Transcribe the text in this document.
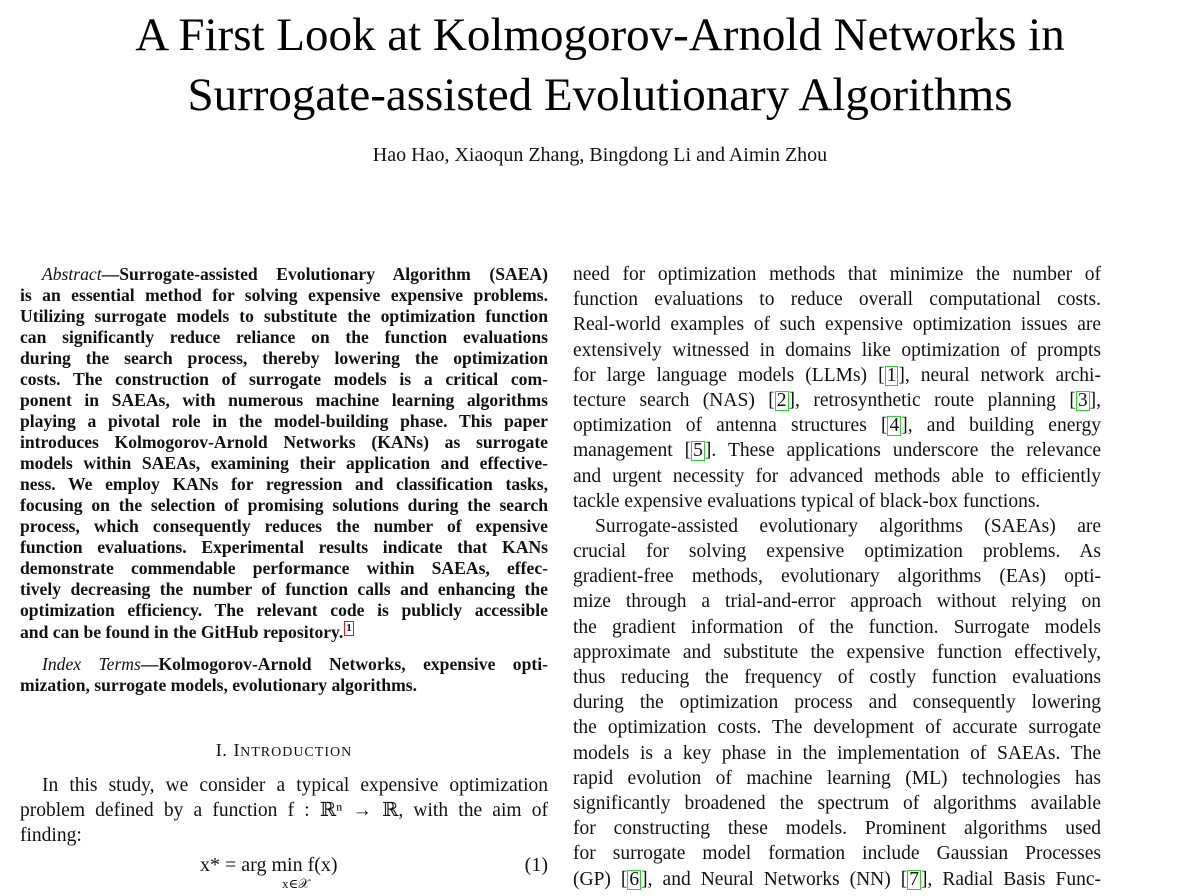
A First Look at Kolmogorov-Arnold Networks in
Surrogate-assisted Evolutionary Algorithms
Hao Hao, Xiaoqun Zhang, Bingdong Li and Aimin Zhou
Abstract—Surrogate-assisted Evolutionary Algorithm (SAEA)
is an essential method for solving expensive expensive problems.
Utilizing surrogate models to substitute the optimization function
can significantly reduce reliance on the function evaluations
during the search process, thereby lowering the optimization
costs. The construction of surrogate models is a critical com-
ponent in SAEAs, with numerous machine learning algorithms
playing a pivotal role in the model-building phase. This paper
introduces Kolmogorov-Arnold Networks (KANs) as surrogate
models within SAEAs, examining their application and effective-
ness. We employ KANs for regression and classification tasks,
focusing on the selection of promising solutions during the search
process, which consequently reduces the number of expensive
function evaluations. Experimental results indicate that KANs
demonstrate commendable performance within SAEAs, effec-
tively decreasing the number of function calls and enhancing the
optimization efficiency. The relevant code is publicly accessible
and can be found in the GitHub repository. 1
Index Terms—Kolmogorov-Arnold Networks, expensive opti-
mization, surrogate models, evolutionary algorithms.
I. INTRODUCTION
In this study, we consider a typical expensive optimization
problem defined by a function f : ℝⁿ → ℝ, with the aim of
finding:
x* = arg min f(x)
x∈𝒳
(1)
need for optimization methods that minimize the number of
function evaluations to reduce overall computational costs.
Real-world examples of such expensive optimization issues are
extensively witnessed in domains like optimization of prompts
for large language models (LLMs) [ 1 ], neural network archi-
tecture search (NAS) [ 2 ], retrosynthetic route planning [ 3 ],
optimization of antenna structures [ 4 ], and building energy
management [ 5 ]. These applications underscore the relevance
and urgent necessity for advanced methods able to efficiently
tackle expensive evaluations typical of black-box functions.
Surrogate-assisted evolutionary algorithms (SAEAs) are
crucial for solving expensive optimization problems. As
gradient-free methods, evolutionary algorithms (EAs) opti-
mize through a trial-and-error approach without relying on
the gradient information of the function. Surrogate models
approximate and substitute the expensive function effectively,
thus reducing the frequency of costly function evaluations
during the optimization process and consequently lowering
the optimization costs. The development of accurate surrogate
models is a key phase in the implementation of SAEAs. The
rapid evolution of machine learning (ML) technologies has
significantly broadened the spectrum of algorithms available
for constructing these models. Prominent algorithms used
for surrogate model formation include Gaussian Processes
(GP) [ 6 ], and Neural Networks (NN) [ 7 ], Radial Basis Func-
